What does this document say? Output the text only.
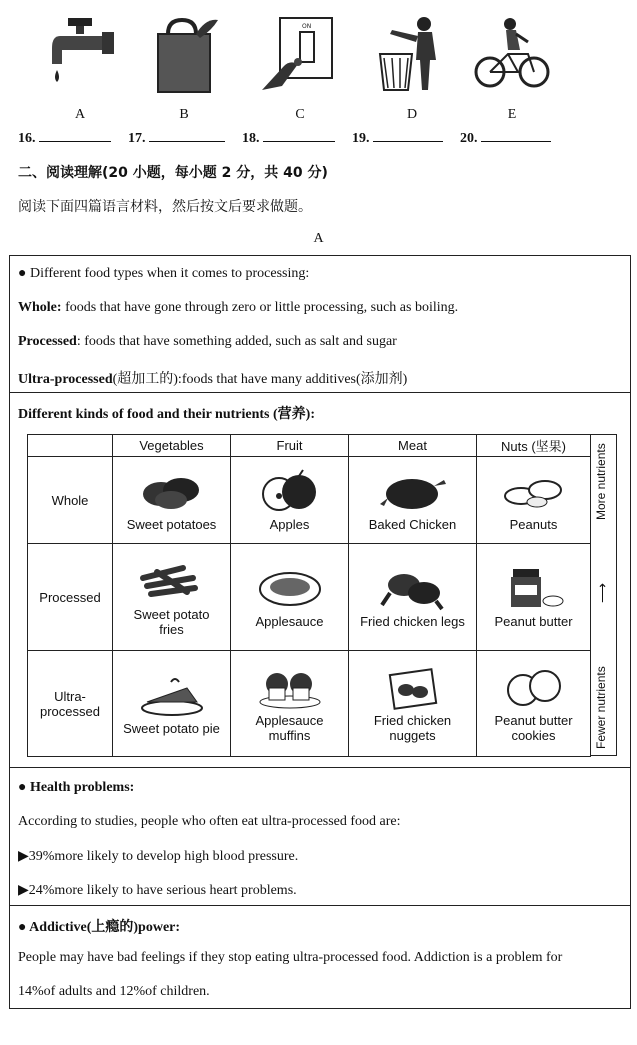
A	B
ON
C	D	E
16.	17.	18.	19.	20.
二、阅读理解(20 小题，每小题 2 分，共 40 分)
阅读下面四篇语言材料，然后按文后要求做题。
A

● Different food types when it comes to processing:

Whole: foods that have gone through zero or little processing, such as boiling.

Processed: foods that have something added, such as salt and sugar

Ultra-processed(超加工的):foods that have many additives(添加剂)

Different kinds of food and their nutrients (营养):

	Vegetables	Fruit	Meat	Nuts (坚果)
Whole	Sweet potatoes	Apples	Baked Chicken	Peanuts

Processed	Sweet potato fries	Applesauce	Fried chicken legs	Peanut butter

Ultra-processed	Sweet potato pie	Applesauce muffins	Fried chicken nuggets	Peanut butter cookies
More nutrients
⟶
Fewer nutrients

● Health problems:

According to studies, people who often eat ultra-processed food are:

▶39%more likely to develop high blood pressure.

▶24%more likely to have serious heart problems.

● Addictive(上瘾的)power:

People may have bad feelings if they stop eating ultra-processed food. Addiction is a problem for

14%of adults and 12%of children.
